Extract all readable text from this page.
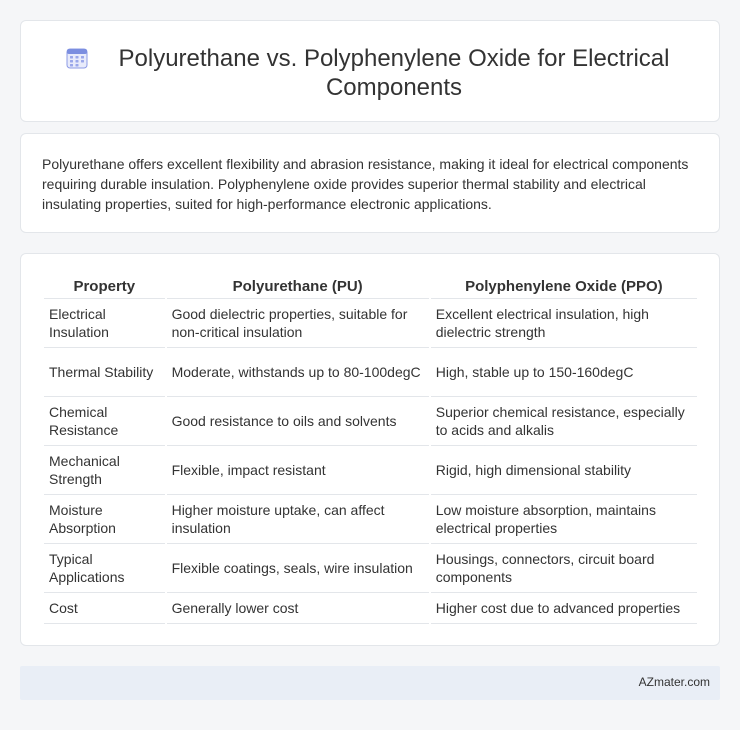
Polyurethane vs. Polyphenylene Oxide for Electrical Components

Polyurethane offers excellent flexibility and abrasion resistance, making it ideal for electrical components requiring durable insulation. Polyphenylene oxide provides superior thermal stability and electrical insulating properties, suited for high-performance electronic applications.

Property	Polyurethane (PU)	Polyphenylene Oxide (PPO)
Electrical Insulation	Good dielectric properties, suitable for non-critical insulation	Excellent electrical insulation, high dielectric strength
Thermal Stability	Moderate, withstands up to 80-100degC	High, stable up to 150-160degC
Chemical Resistance	Good resistance to oils and solvents	Superior chemical resistance, especially to acids and alkalis
Mechanical Strength	Flexible, impact resistant	Rigid, high dimensional stability
Moisture Absorption	Higher moisture uptake, can affect insulation	Low moisture absorption, maintains electrical properties
Typical Applications	Flexible coatings, seals, wire insulation	Housings, connectors, circuit board components
Cost	Generally lower cost	Higher cost due to advanced properties
AZmater.com
